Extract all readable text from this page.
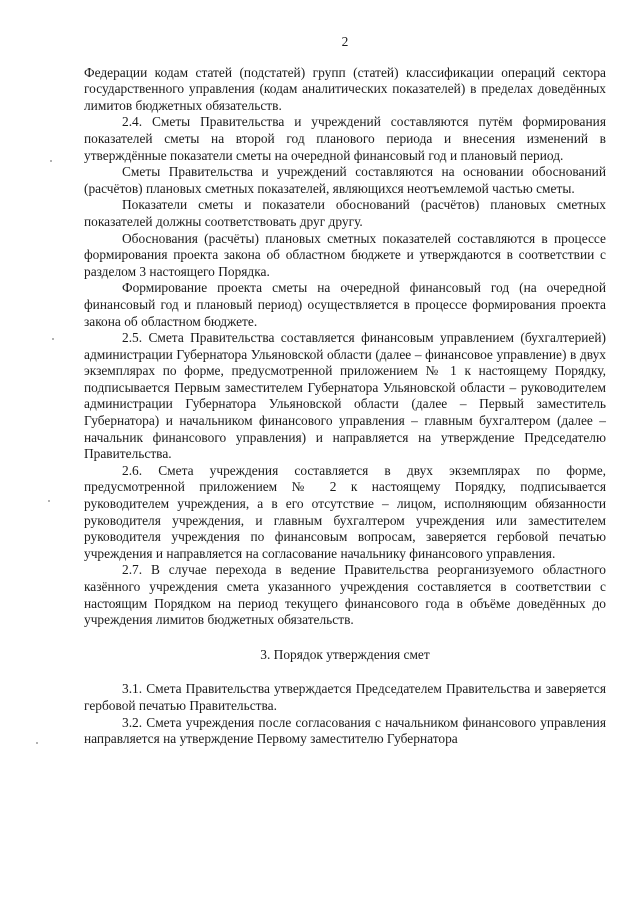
2

Федерации кодам статей (подстатей) групп (статей) классификации операций сектора государственного управления (кодам аналитических показателей) в пределах доведённых лимитов бюджетных обязательств.

2.4. Сметы Правительства и учреждений составляются путём формирования показателей сметы на второй год планового периода и внесения изменений в утверждённые показатели сметы на очередной финансовый год и плановый период.

Сметы Правительства и учреждений составляются на основании обоснований (расчётов) плановых сметных показателей, являющихся неотъемлемой частью сметы.

Показатели сметы и показатели обоснований (расчётов) плановых сметных показателей должны соответствовать друг другу.

Обоснования (расчёты) плановых сметных показателей составляются в процессе формирования проекта закона об областном бюджете и утверждаются в соответствии с разделом 3 настоящего Порядка.

Формирование проекта сметы на очередной финансовый год (на очередной финансовый год и плановый период) осуществляется в процессе формирования проекта закона об областном бюджете.

2.5. Смета Правительства составляется финансовым управлением (бухгалтерией) администрации Губернатора Ульяновской области (далее – финансовое управление) в двух экземплярах по форме, предусмотренной приложением № 1 к настоящему Порядку, подписывается Первым заместителем Губернатора Ульяновской области – руководителем администрации Губернатора Ульяновской области (далее – Первый заместитель Губернатора) и начальником финансового управления – главным бухгалтером (далее – начальник финансового управления) и направляется на утверждение Председателю Правительства.

2.6. Смета учреждения составляется в двух экземплярах по форме, предусмотренной приложением № 2 к настоящему Порядку, подписывается руководителем учреждения, а в его отсутствие – лицом, исполняющим обязанности руководителя учреждения, и главным бухгалтером учреждения или заместителем руководителя учреждения по финансовым вопросам, заверяется гербовой печатью учреждения и направляется на согласование начальнику финансового управления.

2.7. В случае перехода в ведение Правительства реорганизуемого областного казённого учреждения смета указанного учреждения составляется в соответствии с настоящим Порядком на период текущего финансового года в объёме доведённых до учреждения лимитов бюджетных обязательств.

3. Порядок утверждения смет

3.1. Смета Правительства утверждается Председателем Правительства и заверяется гербовой печатью Правительства.

3.2. Смета учреждения после согласования с начальником финансового управления направляется на утверждение Первому заместителю Губернатора
